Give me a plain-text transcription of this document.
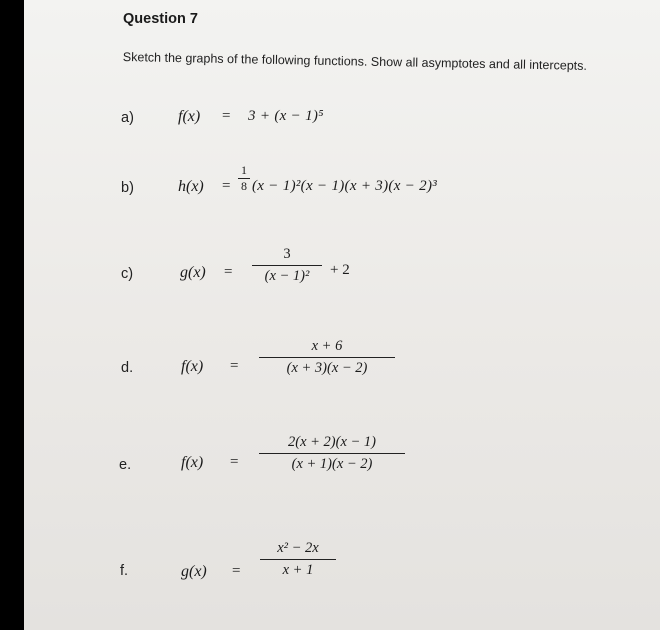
Question 7
Sketch the graphs of the following functions. Show all asymptotes and all intercepts.
a)	f(x) = 3 + (x − 1)⁵
b)	h(x) =
1
8 (x − 1)²(x − 1)(x + 3)(x − 2)³
c)	g(x) =
3
(x − 1)²	+ 2
d.	f(x) =
x + 6
(x + 3)(x − 2)
e.	f(x) =
2(x + 2)(x − 1)
(x + 1)(x − 2)
f.	g(x) =
x² − 2x
x + 1
